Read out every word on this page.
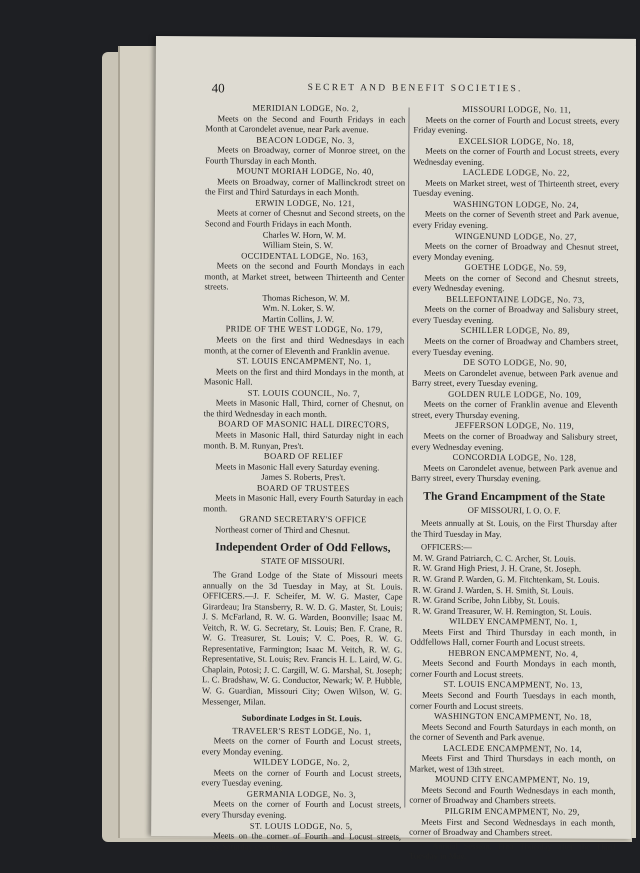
40	SECRET AND BENEFIT SOCIETIES.
MERIDIAN LODGE, No. 2,
Meets on the Second and Fourth Fridays in each Month at Carondelet avenue, near Park avenue.
BEACON LODGE, No. 3,
Meets on Broadway, corner of Monroe street, on the Fourth Thursday in each Month.
MOUNT MORIAH LODGE, No. 40,
Meets on Broadway, corner of Mallinckrodt street on the First and Third Saturdays in each Month.
ERWIN LODGE, No. 121,
Meets at corner of Chesnut and Second streets, on the Second and Fourth Fridays in each Month.
Charles W. Horn, W. M.
William Stein, S. W.
OCCIDENTAL LODGE, No. 163,
Meets on the second and Fourth Mondays in each month, at Market street, between Thirteenth and Center streets.
Thomas Richeson, W. M.
Wm. N. Loker, S. W.
Martin Collins, J. W.
PRIDE OF THE WEST LODGE, No. 179,
Meets on the first and third Wednesdays in each month, at the corner of Eleventh and Franklin avenue.
ST. LOUIS ENCAMPMENT, No. 1,
Meets on the first and third Mondays in the month, at Masonic Hall.
ST. LOUIS COUNCIL, No. 7,
Meets in Masonic Hall, Third, corner of Chesnut, on the third Wednesday in each month.
BOARD OF MASONIC HALL DIRECTORS,
Meets in Masonic Hall, third Saturday night in each month. B. M. Runyan, Pres't.
BOARD OF RELIEF
Meets in Masonic Hall every Saturday evening.
James S. Roberts, Pres't.
BOARD OF TRUSTEES
Meets in Masonic Hall, every Fourth Saturday in each month.
GRAND SECRETARY'S OFFICE
Northeast corner of Third and Chesnut.
Independent Order of Odd Fellows,
STATE OF MISSOURI.
The Grand Lodge of the State of Missouri meets annually on the 3d Tuesday in May, at St. Louis. OFFICERS.—J. F. Scheifer, M. W. G. Master, Cape Girardeau; Ira Stansberry, R. W. D. G. Master, St. Louis; J. S. McFarland, R. W. G. Warden, Boonville; Isaac M. Veitch, R. W. G. Secretary, St. Louis; Ben. F. Crane, R. W. G. Treasurer, St. Louis; V. C. Poes, R. W. G. Representative, Farmington; Isaac M. Veitch, R. W. G. Representative, St. Louis; Rev. Francis H. L. Laird, W. G. Chaplain, Potosi; J. C. Cargill, W. G. Marshal, St. Joseph; L. C. Bradshaw, W. G. Conductor, Newark; W. P. Hubble, W. G. Guardian, Missouri City; Owen Wilson, W. G. Messenger, Milan.
Subordinate Lodges in St. Louis.
TRAVELER'S REST LODGE, No. 1,
Meets on the corner of Fourth and Locust streets, every Monday evening.
WILDEY LODGE, No. 2,
Meets on the corner of Fourth and Locust streets, every Tuesday evening.
GERMANIA LODGE, No. 3,
Meets on the corner of Fourth and Locust streets, every Thursday evening.
ST. LOUIS LODGE, No. 5,
Meets on the corner of Fourth and Locust streets, every Saturday evening.
MISSOURI LODGE, No. 11,
Meets on the corner of Fourth and Locust streets, every Friday evening.
EXCELSIOR LODGE, No. 18,
Meets on the corner of Fourth and Locust streets, every Wednesday evening.
LACLEDE LODGE, No. 22,
Meets on Market street, west of Thirteenth street, every Tuesday evening.
WASHINGTON LODGE, No. 24,
Meets on the corner of Seventh street and Park avenue, every Friday evening.
WINGENUND LODGE, No. 27,
Meets on the corner of Broadway and Chesnut street, every Monday evening.
GOETHE LODGE, No. 59,
Meets on the corner of Second and Chesnut streets, every Wednesday evening.
BELLEFONTAINE LODGE, No. 73,
Meets on the corner of Broadway and Salisbury street, every Tuesday evening.
SCHILLER LODGE, No. 89,
Meets on the corner of Broadway and Chambers street, every Tuesday evening.
DE SOTO LODGE, No. 90,
Meets on Carondelet avenue, between Park avenue and Barry street, every Tuesday evening.
GOLDEN RULE LODGE, No. 109,
Meets on the corner of Franklin avenue and Eleventh street, every Thursday evening.
JEFFERSON LODGE, No. 119,
Meets on the corner of Broadway and Salisbury street, every Wednesday evening.
CONCORDIA LODGE, No. 128,
Meets on Carondelet avenue, between Park avenue and Barry street, every Thursday evening.
The Grand Encampment of the State
OF MISSOURI, I. O. O. F.
Meets annually at St. Louis, on the First Thursday after the Third Tuesday in May.
OFFICERS:—
M. W. Grand Patriarch, C. C. Archer, St. Louis.
R. W. Grand High Priest, J. H. Crane, St. Joseph.
R. W. Grand P. Warden, G. M. Fitchtenkam, St. Louis.
R. W. Grand J. Warden, S. H. Smith, St. Louis.
R. W. Grand Scribe, John Libby, St. Louis.
R. W. Grand Treasurer, W. H. Remington, St. Louis.
WILDEY ENCAMPMENT, No. 1,
Meets First and Third Thursday in each month, in Oddfellows Hall, corner Fourth and Locust streets.
HEBRON ENCAMPMENT, No. 4,
Meets Second and Fourth Mondays in each month, corner Fourth and Locust streets.
ST. LOUIS ENCAMPMENT, No. 13,
Meets Second and Fourth Tuesdays in each month, corner Fourth and Locust streets.
WASHINGTON ENCAMPMENT, No. 18,
Meets Second and Fourth Saturdays in each month, on the corner of Seventh and Park avenue.
LACLEDE ENCAMPMENT, No. 14,
Meets First and Third Thursdays in each month, on Market, west of 13th street.
MOUND CITY ENCAMPMENT, No. 19,
Meets Second and Fourth Wednesdays in each month, corner of Broadway and Chambers streets.
PILGRIM ENCAMPMENT, No. 29,
Meets First and Second Wednesdays in each month, corner of Broadway and Chambers street.
☞ Annual Session, First Thursday after the Third Tuesday in May.
